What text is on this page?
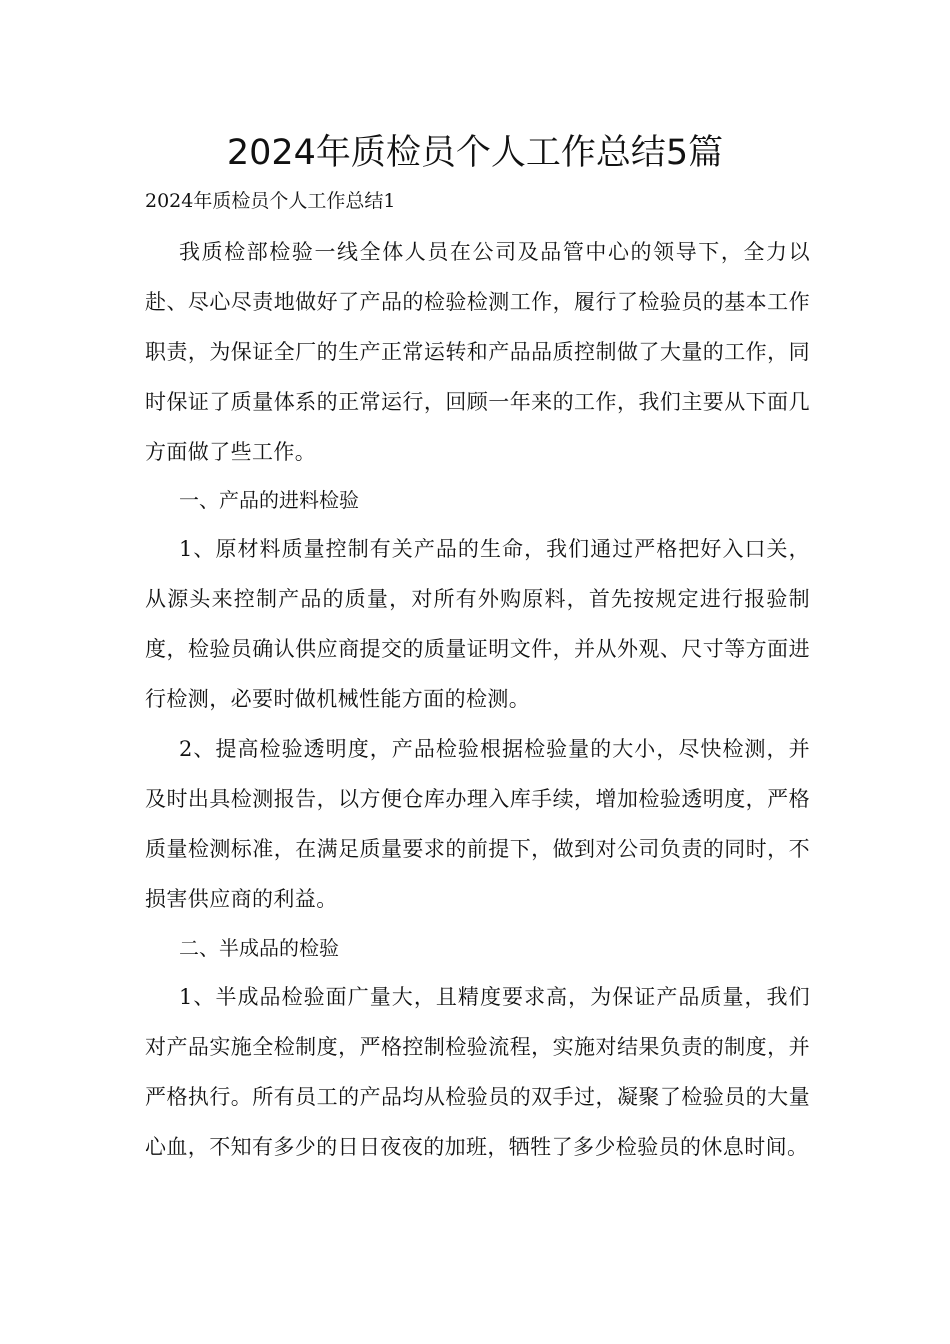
2024年质检员个人工作总结5篇

2024年质检员个人工作总结1

我质检部检验一线全体人员在公司及品管中心的领导下，全力以赴、尽心尽责地做好了产品的检验检测工作，履行了检验员的基本工作职责，为保证全厂的生产正常运转和产品品质控制做了大量的工作，同时保证了质量体系的正常运行，回顾一年来的工作，我们主要从下面几方面做了些工作。

一、产品的进料检验

1、原材料质量控制有关产品的生命，我们通过严格把好入口关，从源头来控制产品的质量，对所有外购原料，首先按规定进行报验制度，检验员确认供应商提交的质量证明文件，并从外观、尺寸等方面进行检测，必要时做机械性能方面的检测。

2、提高检验透明度，产品检验根据检验量的大小，尽快检测，并及时出具检测报告，以方便仓库办理入库手续，增加检验透明度，严格质量检测标准，在满足质量要求的前提下，做到对公司负责的同时，不损害供应商的利益。

二、半成品的检验

1、半成品检验面广量大，且精度要求高，为保证产品质量，我们对产品实施全检制度，严格控制检验流程，实施对结果负责的制度，并严格执行。所有员工的产品均从检验员的双手过，凝聚了检验员的大量心血，不知有多少的日日夜夜的加班，牺牲了多少检验员的休息时间。
